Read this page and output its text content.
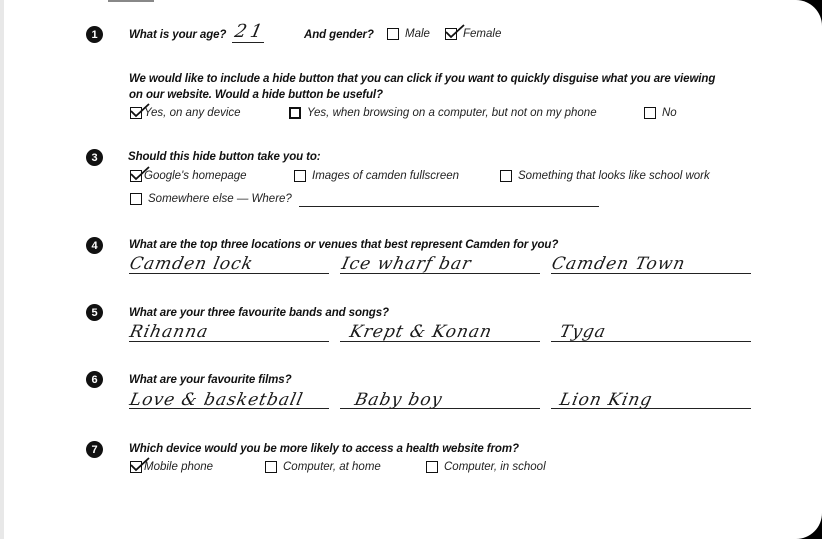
1	What is your age? 21	And gender?	Male	Female
We would like to include a hide button that you can click if you want to quickly disguise what you are viewing
on our website. Would a hide button be useful?
Yes, on any device	Yes, when browsing on a computer, but not on my phone	No
3	Should this hide button take you to:
Google's homepage	Images of camden fullscreen	Something that looks like school work
Somewhere else — Where?
4	What are the top three locations or venues that best represent Camden for you?
Camden lock	Ice wharf bar	Camden Town
5	What are your three favourite bands and songs?
Rihanna	Krept & Konan	Tyga
6	What are your favourite films?
Love & basketball	Baby boy	Lion King
7	Which device would you be more likely to access a health website from?
Mobile phone	Computer, at home	Computer, in school
